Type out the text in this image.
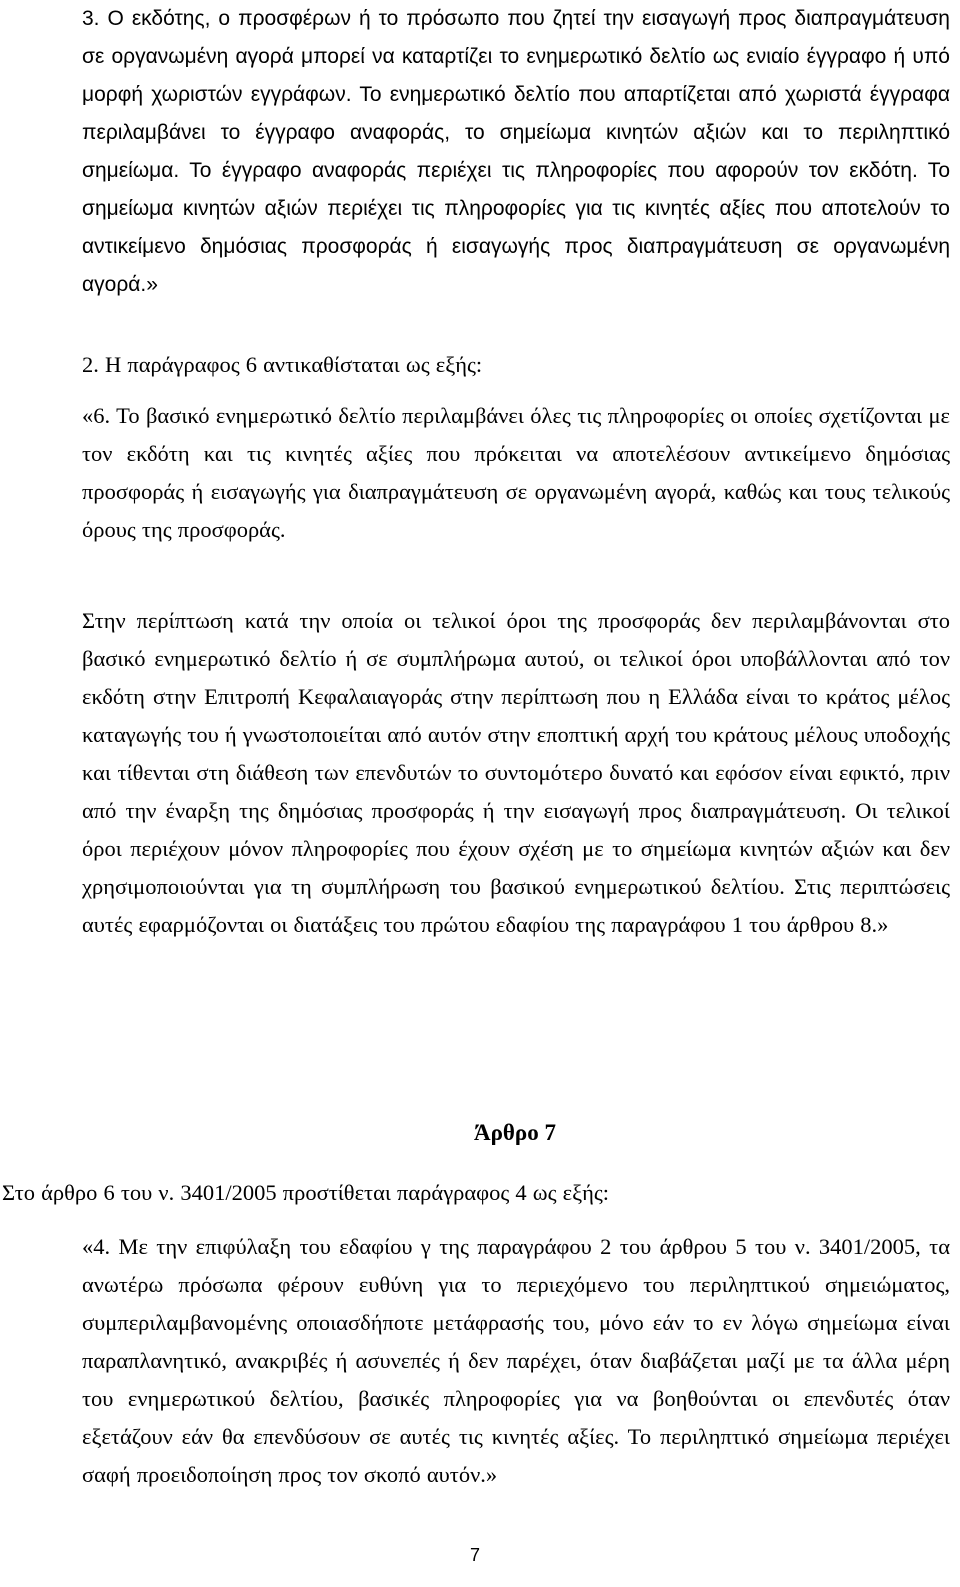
3. Ο εκδότης, ο προσφέρων ή το πρόσωπο που ζητεί την εισαγωγή προς διαπραγμάτευση σε οργανωμένη αγορά μπορεί να καταρτίζει το ενημερωτικό δελτίο ως ενιαίο έγγραφο ή υπό μορφή χωριστών εγγράφων. Το ενημερωτικό δελτίο που απαρτίζεται από χωριστά έγγραφα περιλαμβάνει το έγγραφο αναφοράς, το σημείωμα κινητών αξιών και το περιληπτικό σημείωμα. Το έγγραφο αναφοράς περιέχει τις πληροφορίες που αφορούν τον εκδότη. Το σημείωμα κινητών αξιών περιέχει τις πληροφορίες για τις κινητές αξίες που αποτελούν το αντικείμενο δημόσιας προσφοράς ή εισαγωγής προς διαπραγμάτευση σε οργανωμένη αγορά.»

2. Η παράγραφος 6 αντικαθίσταται ως εξής:

«6. Το βασικό ενημερωτικό δελτίο περιλαμβάνει όλες τις πληροφορίες οι οποίες σχετίζονται με τον εκδότη και τις κινητές αξίες που πρόκειται να αποτελέσουν αντικείμενο δημόσιας προσφοράς ή εισαγωγής για διαπραγμάτευση σε οργανωμένη αγορά, καθώς και τους τελικούς όρους της προσφοράς.

Στην περίπτωση κατά την οποία οι τελικοί όροι της προσφοράς δεν περιλαμβάνονται στο βασικό ενημερωτικό δελτίο ή σε συμπλήρωμα αυτού, οι τελικοί όροι υποβάλλονται από τον εκδότη στην Επιτροπή Κεφαλαιαγοράς στην περίπτωση που η Ελλάδα είναι το κράτος μέλος καταγωγής του ή γνωστοποιείται από αυτόν στην εποπτική αρχή του κράτους μέλους υποδοχής και τίθενται στη διάθεση των επενδυτών το συντομότερο δυνατό και εφόσον είναι εφικτό, πριν από την έναρξη της δημόσιας προσφοράς ή την εισαγωγή προς διαπραγμάτευση. Οι τελικοί όροι περιέχουν μόνον πληροφορίες που έχουν σχέση με το σημείωμα κινητών αξιών και δεν χρησιμοποιούνται για τη συμπλήρωση του βασικού ενημερωτικού δελτίου. Στις περιπτώσεις αυτές εφαρμόζονται οι διατάξεις του πρώτου εδαφίου της παραγράφου 1 του άρθρου 8.»

Άρθρο 7

Στο άρθρο 6 του ν. 3401/2005 προστίθεται παράγραφος 4 ως εξής:

«4. Με την επιφύλαξη του εδαφίου γ της παραγράφου 2 του άρθρου 5 του ν. 3401/2005, τα ανωτέρω πρόσωπα φέρουν ευθύνη για το περιεχόμενο του περιληπτικού σημειώματος, συμπεριλαμβανομένης οποιασδήποτε μετάφρασής του, μόνο εάν το εν λόγω σημείωμα είναι παραπλανητικό, ανακριβές ή ασυνεπές ή δεν παρέχει, όταν διαβάζεται μαζί με τα άλλα μέρη του ενημερωτικού δελτίου, βασικές πληροφορίες για να βοηθούνται οι επενδυτές όταν εξετάζουν εάν θα επενδύσουν σε αυτές τις κινητές αξίες. Το περιληπτικό σημείωμα περιέχει σαφή προειδοποίηση προς τον σκοπό αυτόν.»

7
